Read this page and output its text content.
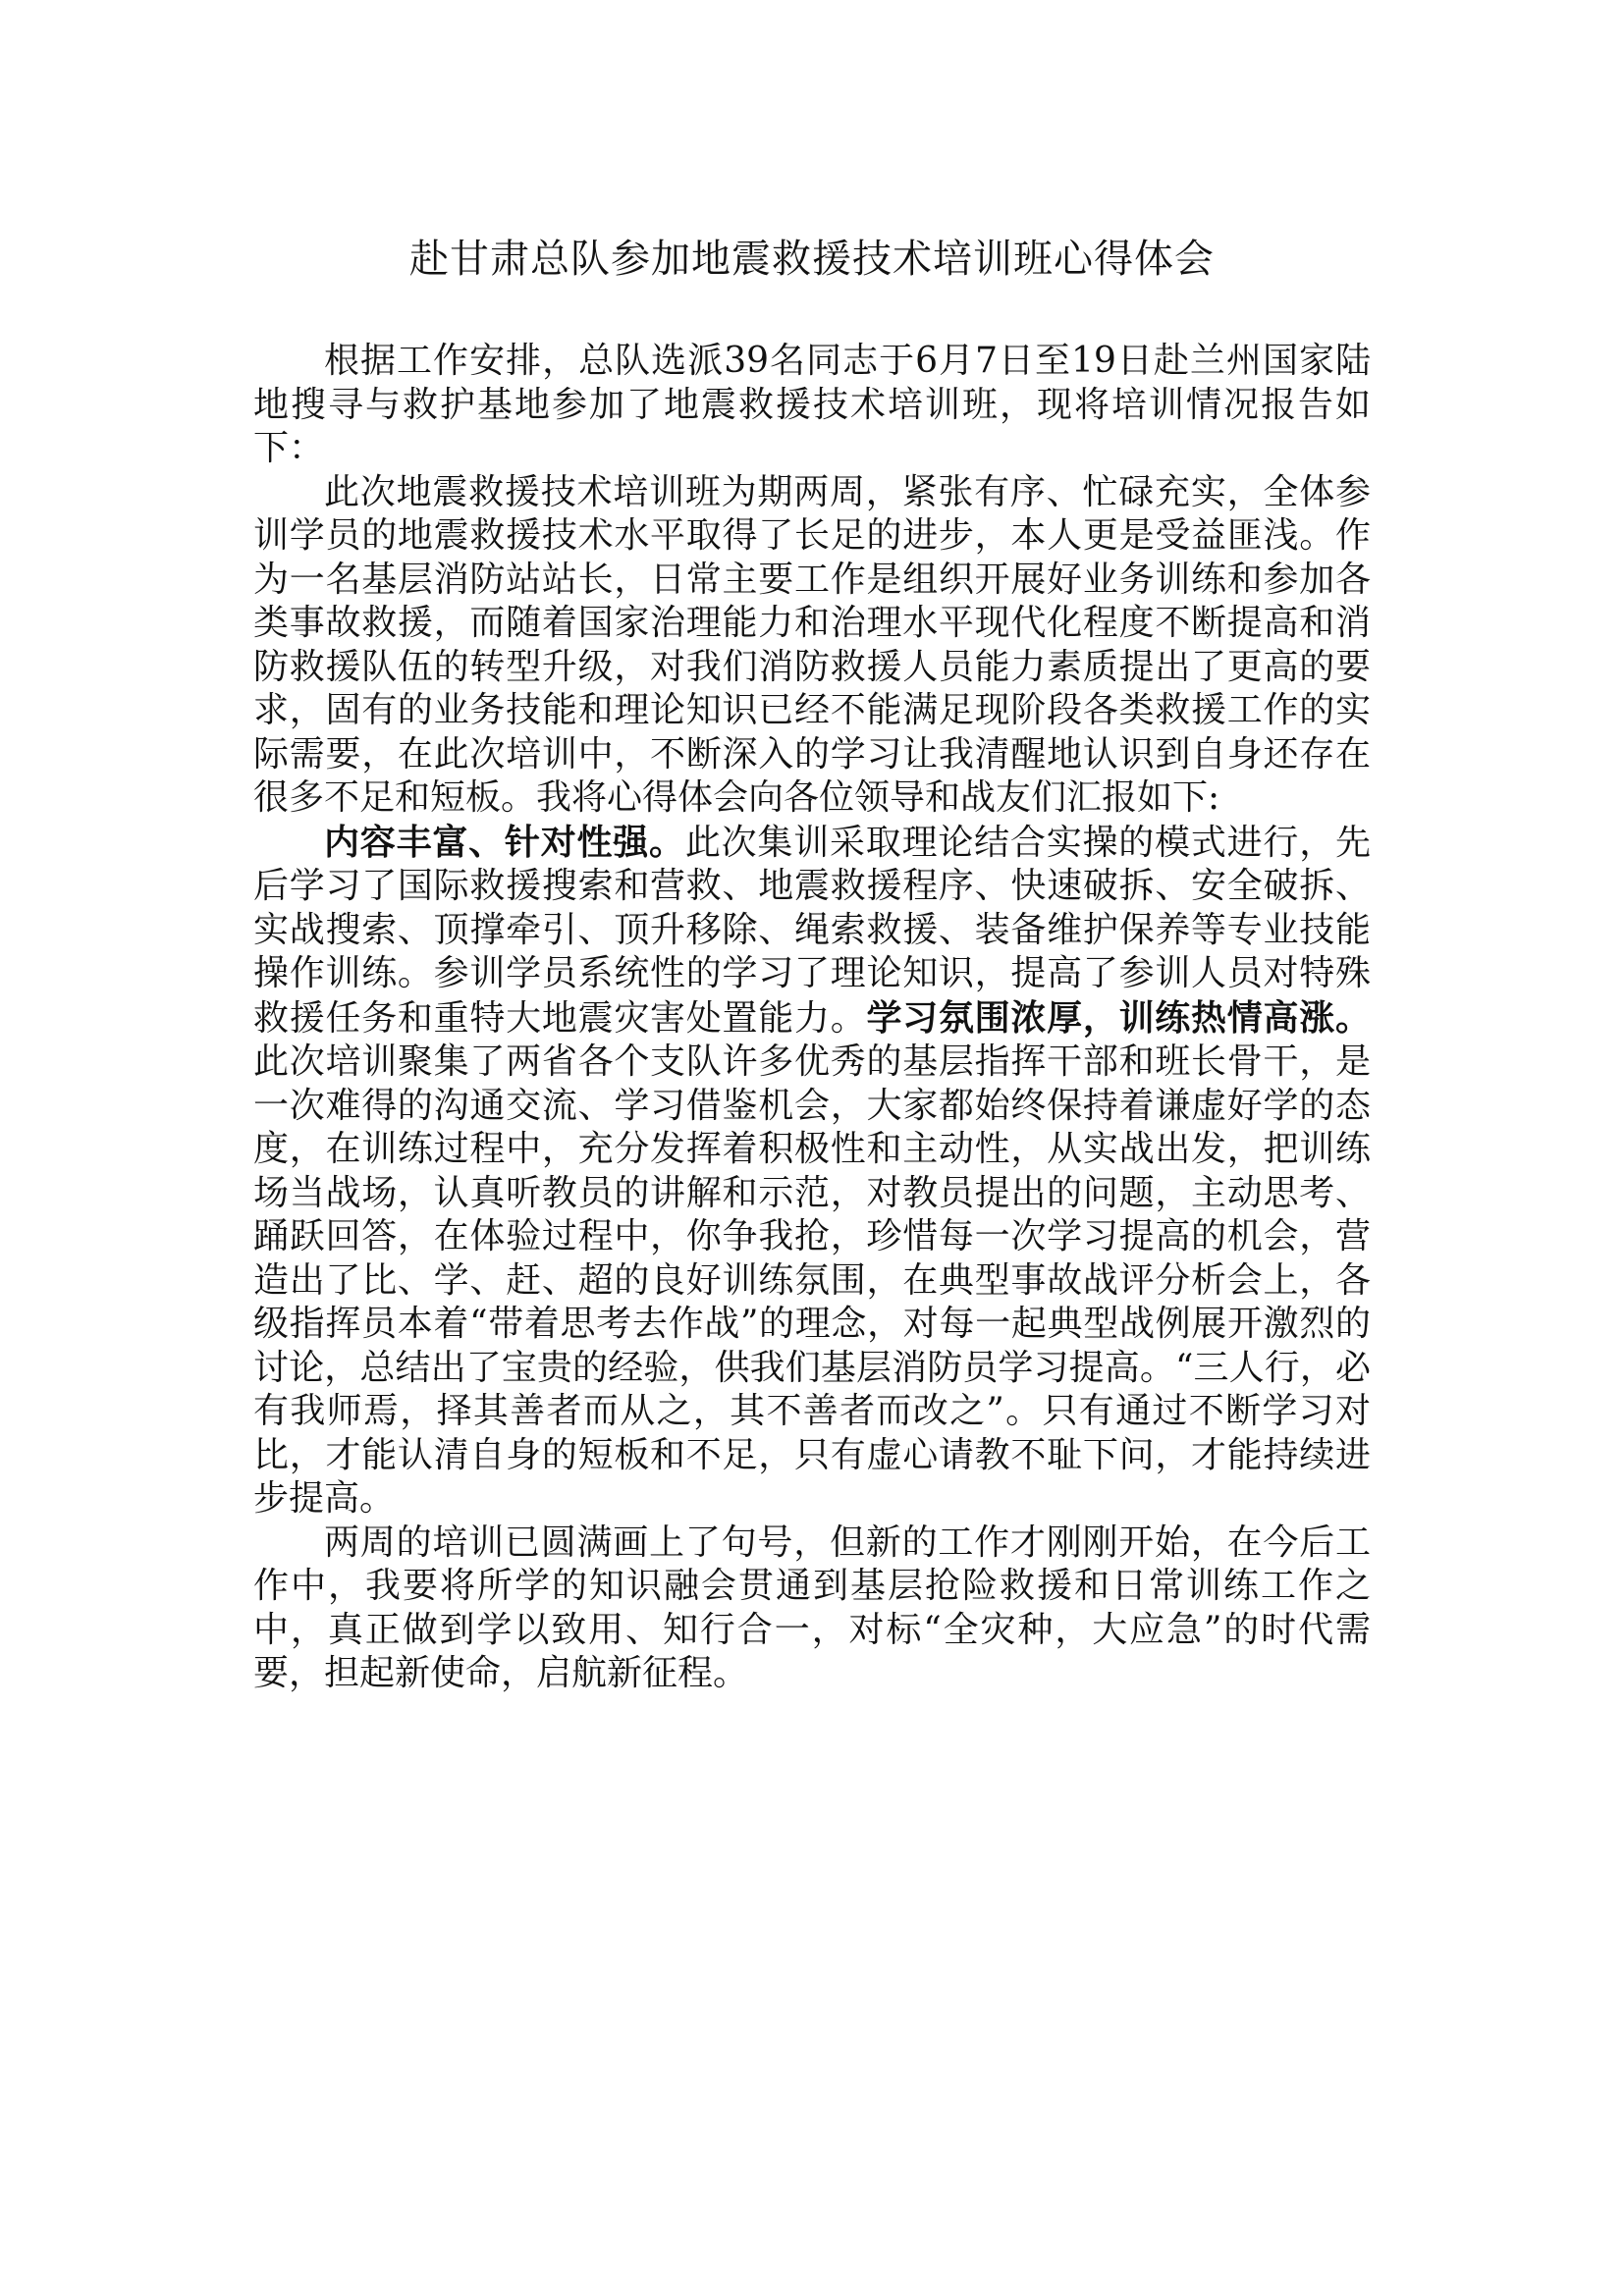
赴甘肃总队参加地震救援技术培训班心得体会

根据工作安排，总队选派39名同志于6月7日至19日赴兰州国家陆地搜寻与救护基地参加了地震救援技术培训班，现将培训情况报告如下：

此次地震救援技术培训班为期两周，紧张有序、忙碌充实，全体参训学员的地震救援技术水平取得了长足的进步，本人更是受益匪浅。作为一名基层消防站站长，日常主要工作是组织开展好业务训练和参加各类事故救援，而随着国家治理能力和治理水平现代化程度不断提高和消防救援队伍的转型升级，对我们消防救援人员能力素质提出了更高的要求，固有的业务技能和理论知识已经不能满足现阶段各类救援工作的实际需要，在此次培训中，不断深入的学习让我清醒地认识到自身还存在很多不足和短板。我将心得体会向各位领导和战友们汇报如下:

内容丰富、针对性强。此次集训采取理论结合实操的模式进行，先后学习了国际救援搜索和营救、地震救援程序、快速破拆、安全破拆、实战搜索、顶撑牵引、顶升移除、绳索救援、装备维护保养等专业技能操作训练。参训学员系统性的学习了理论知识，提高了参训人员对特殊救援任务和重特大地震灾害处置能力。学习氛围浓厚，训练热情高涨。此次培训聚集了两省各个支队许多优秀的基层指挥干部和班长骨干，是一次难得的沟通交流、学习借鉴机会，大家都始终保持着谦虚好学的态度，在训练过程中，充分发挥着积极性和主动性，从实战出发，把训练场当战场，认真听教员的讲解和示范，对教员提出的问题，主动思考、踊跃回答，在体验过程中，你争我抢，珍惜每一次学习提高的机会，营造出了比、学、赶、超的良好训练氛围，在典型事故战评分析会上，各级指挥员本着“带着思考去作战”的理念，对每一起典型战例展开激烈的讨论，总结出了宝贵的经验，供我们基层消防员学习提高。“三人行，必有我师焉，择其善者而从之，其不善者而改之”。只有通过不断学习对比，才能认清自身的短板和不足，只有虚心请教不耻下问，才能持续进步提高。

两周的培训已圆满画上了句号，但新的工作才刚刚开始，在今后工作中，我要将所学的知识融会贯通到基层抢险救援和日常训练工作之中，真正做到学以致用、知行合一，对标“全灾种，大应急”的时代需要，担起新使命，启航新征程。
